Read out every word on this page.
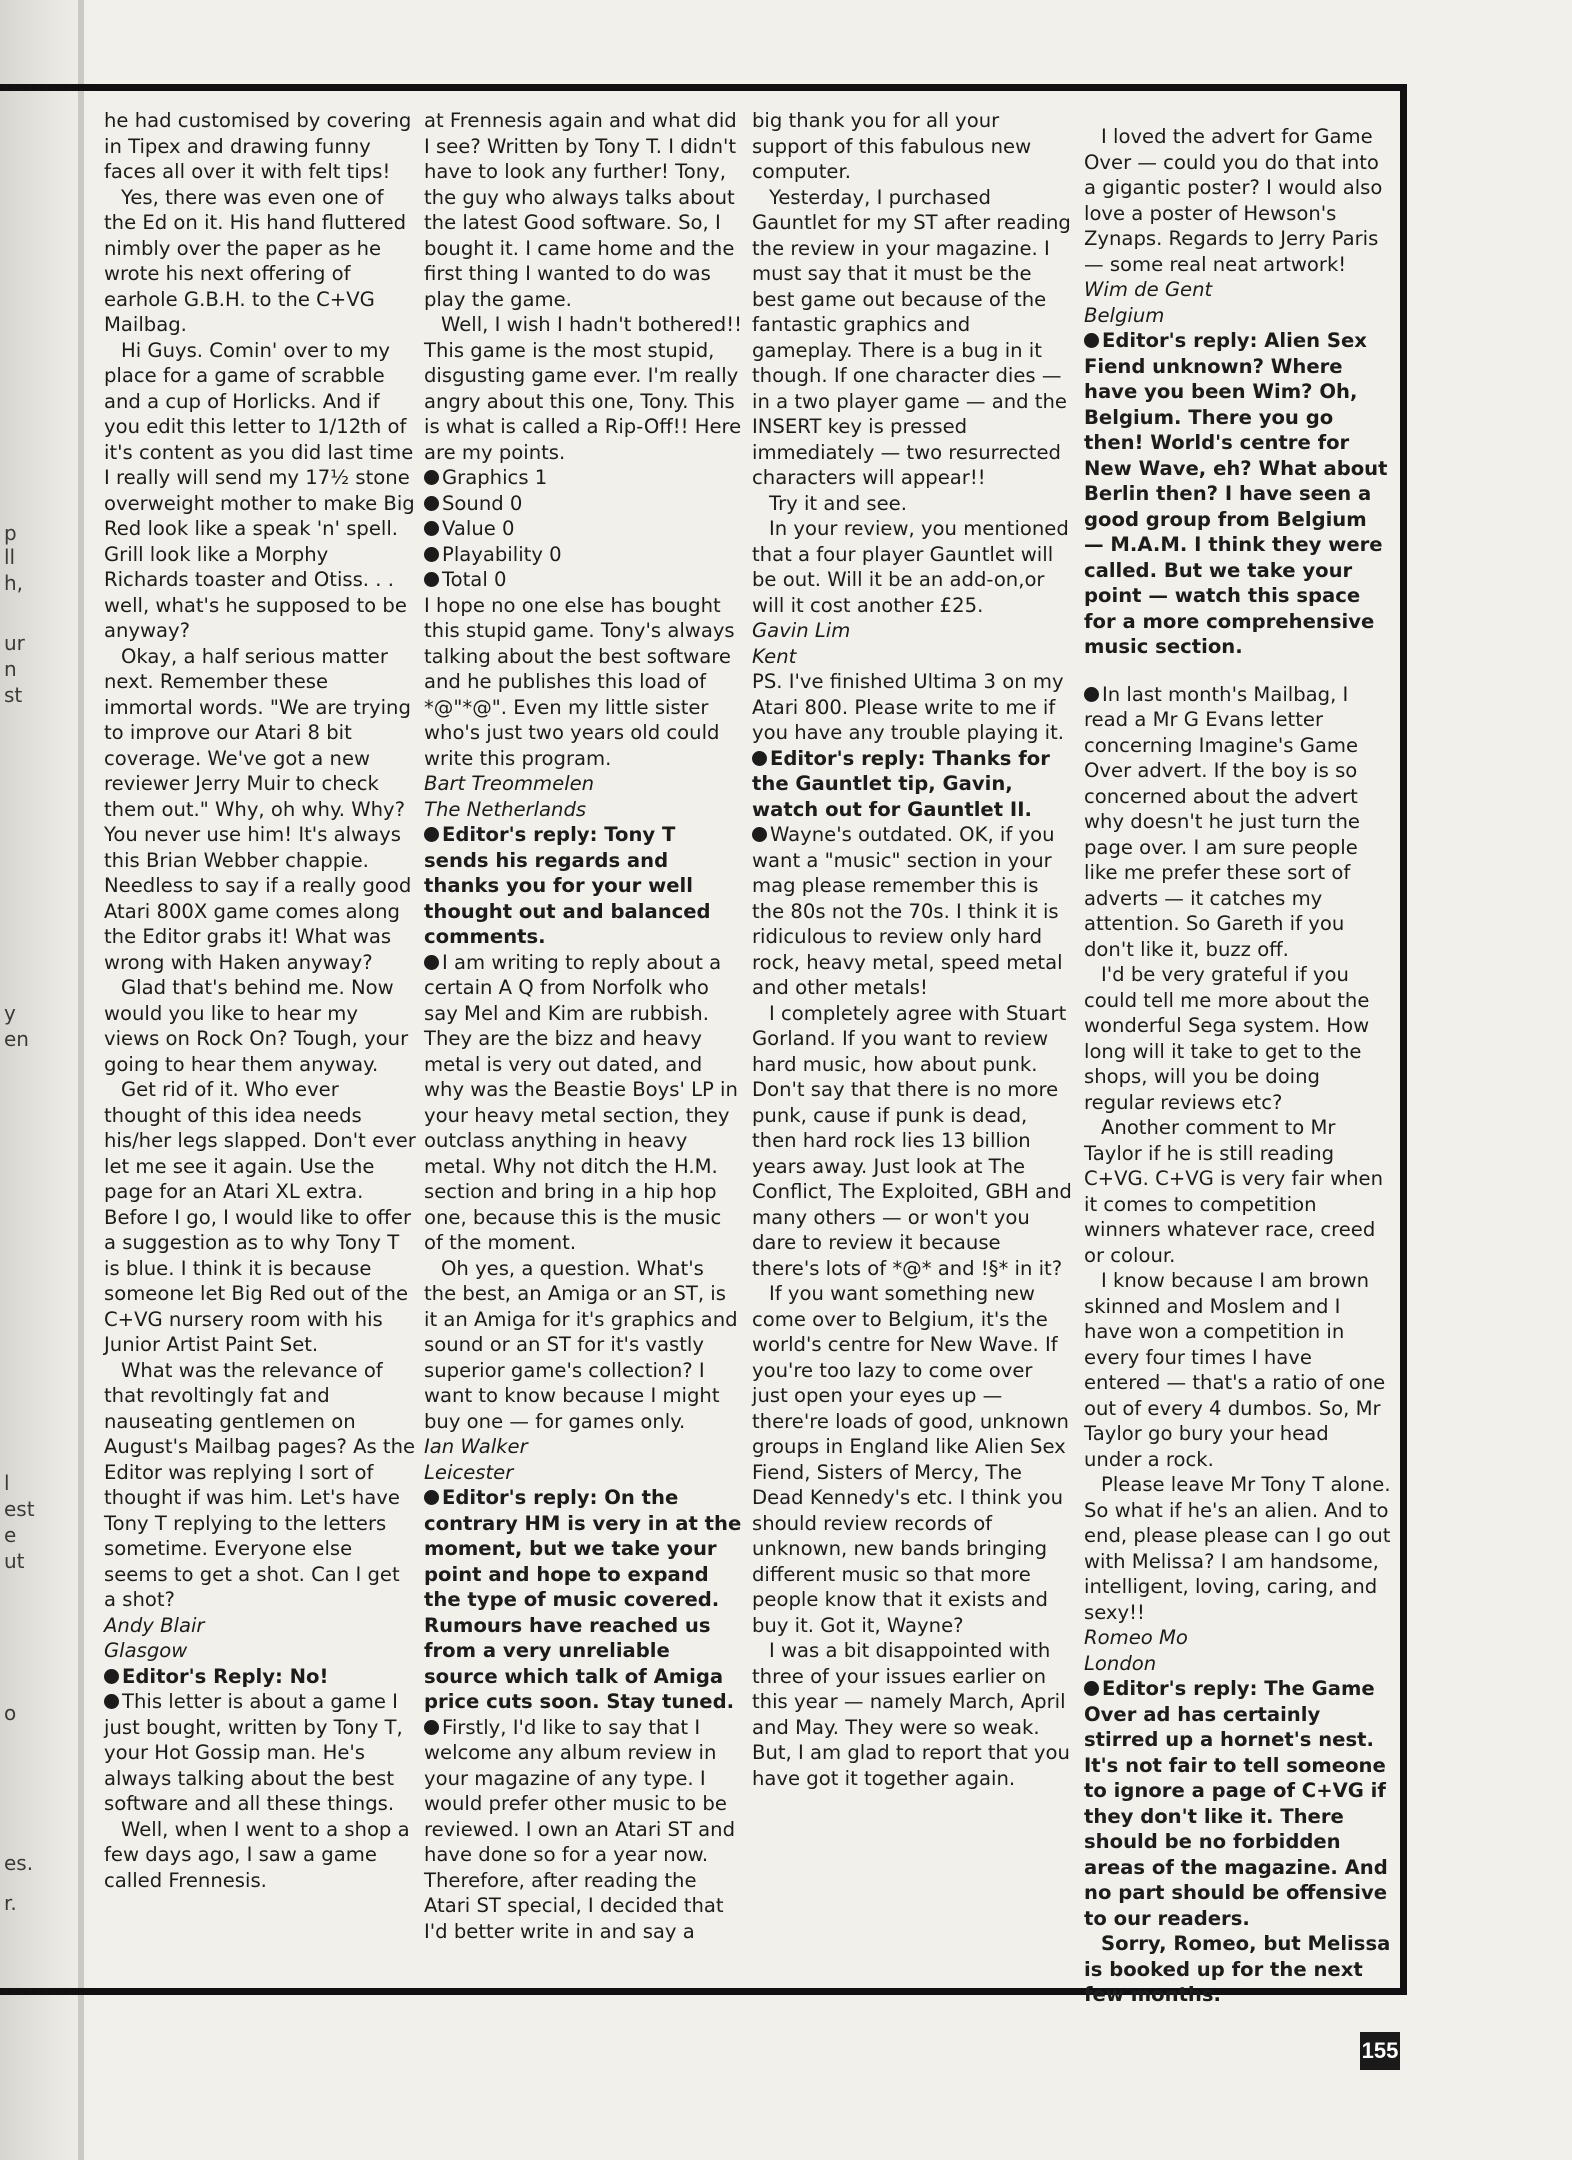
p
ll
h,
ur
n
st
y
en
l
est
e
ut
o
es.
r.

he had customised by covering in Tipex and drawing funny faces all over it with felt tips!

Yes, there was even one of the Ed on it. His hand fluttered nimbly over the paper as he wrote his next offering of earhole G.B.H. to the C+VG Mailbag.

Hi Guys. Comin' over to my place for a game of scrabble and a cup of Horlicks. And if you edit this letter to 1/12th of it's content as you did last time I really will send my 17½ stone overweight mother to make Big Red look like a speak 'n' spell. Grill look like a Morphy Richards toaster and Otiss. . . well, what's he supposed to be anyway?

Okay, a half serious matter next. Remember these immortal words. "We are trying to improve our Atari 8 bit coverage. We've got a new reviewer Jerry Muir to check them out." Why, oh why. Why? You never use him! It's always this Brian Webber chappie. Needless to say if a really good Atari 800X game comes along the Editor grabs it! What was wrong with Haken anyway?

Glad that's behind me. Now would you like to hear my views on Rock On? Tough, your going to hear them anyway.

Get rid of it. Who ever thought of this idea needs his/her legs slapped. Don't ever let me see it again. Use the page for an Atari XL extra. Before I go, I would like to offer a suggestion as to why Tony T is blue. I think it is because someone let Big Red out of the C+VG nursery room with his Junior Artist Paint Set.

What was the relevance of that revoltingly fat and nauseating gentlemen on August's Mailbag pages? As the Editor was replying I sort of thought if was him. Let's have Tony T replying to the letters sometime. Everyone else seems to get a shot. Can I get a shot?

Andy Blair

Glasgow

Editor's Reply: No!

This letter is about a game I just bought, written by Tony T, your Hot Gossip man. He's always talking about the best software and all these things.

Well, when I went to a shop a few days ago, I saw a game called Frennesis.

at Frennesis again and what did I see? Written by Tony T. I didn't have to look any further! Tony, the guy who always talks about the latest Good software. So, I bought it. I came home and the first thing I wanted to do was play the game.

Well, I wish I hadn't bothered!! This game is the most stupid, disgusting game ever. I'm really angry about this one, Tony. This is what is called a Rip-Off!! Here are my points.

Graphics 1

Sound 0

Value 0

Playability 0

Total 0

I hope no one else has bought this stupid game. Tony's always talking about the best software and he publishes this load of *@"*@". Even my little sister who's just two years old could write this program.

Bart Treommelen

The Netherlands

Editor's reply: Tony T sends his regards and thanks you for your well thought out and balanced comments.

I am writing to reply about a certain A Q from Norfolk who say Mel and Kim are rubbish. They are the bizz and heavy metal is very out dated, and why was the Beastie Boys' LP in your heavy metal section, they outclass anything in heavy metal. Why not ditch the H.M. section and bring in a hip hop one, because this is the music of the moment.

Oh yes, a question. What's the best, an Amiga or an ST, is it an Amiga for it's graphics and sound or an ST for it's vastly superior game's collection? I want to know because I might buy one — for games only.

Ian Walker

Leicester

Editor's reply: On the contrary HM is very in at the moment, but we take your point and hope to expand the type of music covered. Rumours have reached us from a very unreliable source which talk of Amiga price cuts soon. Stay tuned.

Firstly, I'd like to say that I welcome any album review in your magazine of any type. I would prefer other music to be reviewed. I own an Atari ST and have done so for a year now. Therefore, after reading the Atari ST special, I decided that I'd better write in and say a

big thank you for all your support of this fabulous new computer.

Yesterday, I purchased Gauntlet for my ST after reading the review in your magazine. I must say that it must be the best game out because of the fantastic graphics and gameplay. There is a bug in it though. If one character dies — in a two player game — and the INSERT key is pressed immediately — two resurrected characters will appear!!

Try it and see.

In your review, you mentioned that a four player Gauntlet will be out. Will it be an add-on,or will it cost another £25.

Gavin Lim

Kent

PS. I've finished Ultima 3 on my Atari 800. Please write to me if you have any trouble playing it.

Editor's reply: Thanks for the Gauntlet tip, Gavin, watch out for Gauntlet II.

Wayne's outdated. OK, if you want a "music" section in your mag please remember this is the 80s not the 70s. I think it is ridiculous to review only hard rock, heavy metal, speed metal and other metals!

I completely agree with Stuart Gorland. If you want to review hard music, how about punk. Don't say that there is no more punk, cause if punk is dead, then hard rock lies 13 billion years away. Just look at The Conflict, The Exploited, GBH and many others — or won't you dare to review it because there's lots of *@* and !§* in it?

If you want something new come over to Belgium, it's the world's centre for New Wave. If you're too lazy to come over just open your eyes up — there're loads of good, unknown groups in England like Alien Sex Fiend, Sisters of Mercy, The Dead Kennedy's etc. I think you should review records of unknown, new bands bringing different music so that more people know that it exists and buy it. Got it, Wayne?

I was a bit disappointed with three of your issues earlier on this year — namely March, April and May. They were so weak. But, I am glad to report that you have got it together again.

I loved the advert for Game Over — could you do that into a gigantic poster? I would also love a poster of Hewson's Zynaps. Regards to Jerry Paris — some real neat artwork!

Wim de Gent

Belgium

Editor's reply: Alien Sex Fiend unknown? Where have you been Wim? Oh, Belgium. There you go then! World's centre for New Wave, eh? What about Berlin then? I have seen a good group from Belgium — M.A.M. I think they were called. But we take your point — watch this space for a more comprehensive music section.

In last month's Mailbag, I read a Mr G Evans letter concerning Imagine's Game Over advert. If the boy is so concerned about the advert why doesn't he just turn the page over. I am sure people like me prefer these sort of adverts — it catches my attention. So Gareth if you don't like it, buzz off.

I'd be very grateful if you could tell me more about the wonderful Sega system. How long will it take to get to the shops, will you be doing regular reviews etc?

Another comment to Mr Taylor if he is still reading C+VG. C+VG is very fair when it comes to competition winners whatever race, creed or colour.

I know because I am brown skinned and Moslem and I have won a competition in every four times I have entered — that's a ratio of one out of every 4 dumbos. So, Mr Taylor go bury your head under a rock.

Please leave Mr Tony T alone. So what if he's an alien. And to end, please please can I go out with Melissa? I am handsome, intelligent, loving, caring, and sexy!!

Romeo Mo

London

Editor's reply: The Game Over ad has certainly stirred up a hornet's nest. It's not fair to tell someone to ignore a page of C+VG if they don't like it. There should be no forbidden areas of the magazine. And no part should be offensive to our readers.

Sorry, Romeo, but Melissa is booked up for the next few months.

155
